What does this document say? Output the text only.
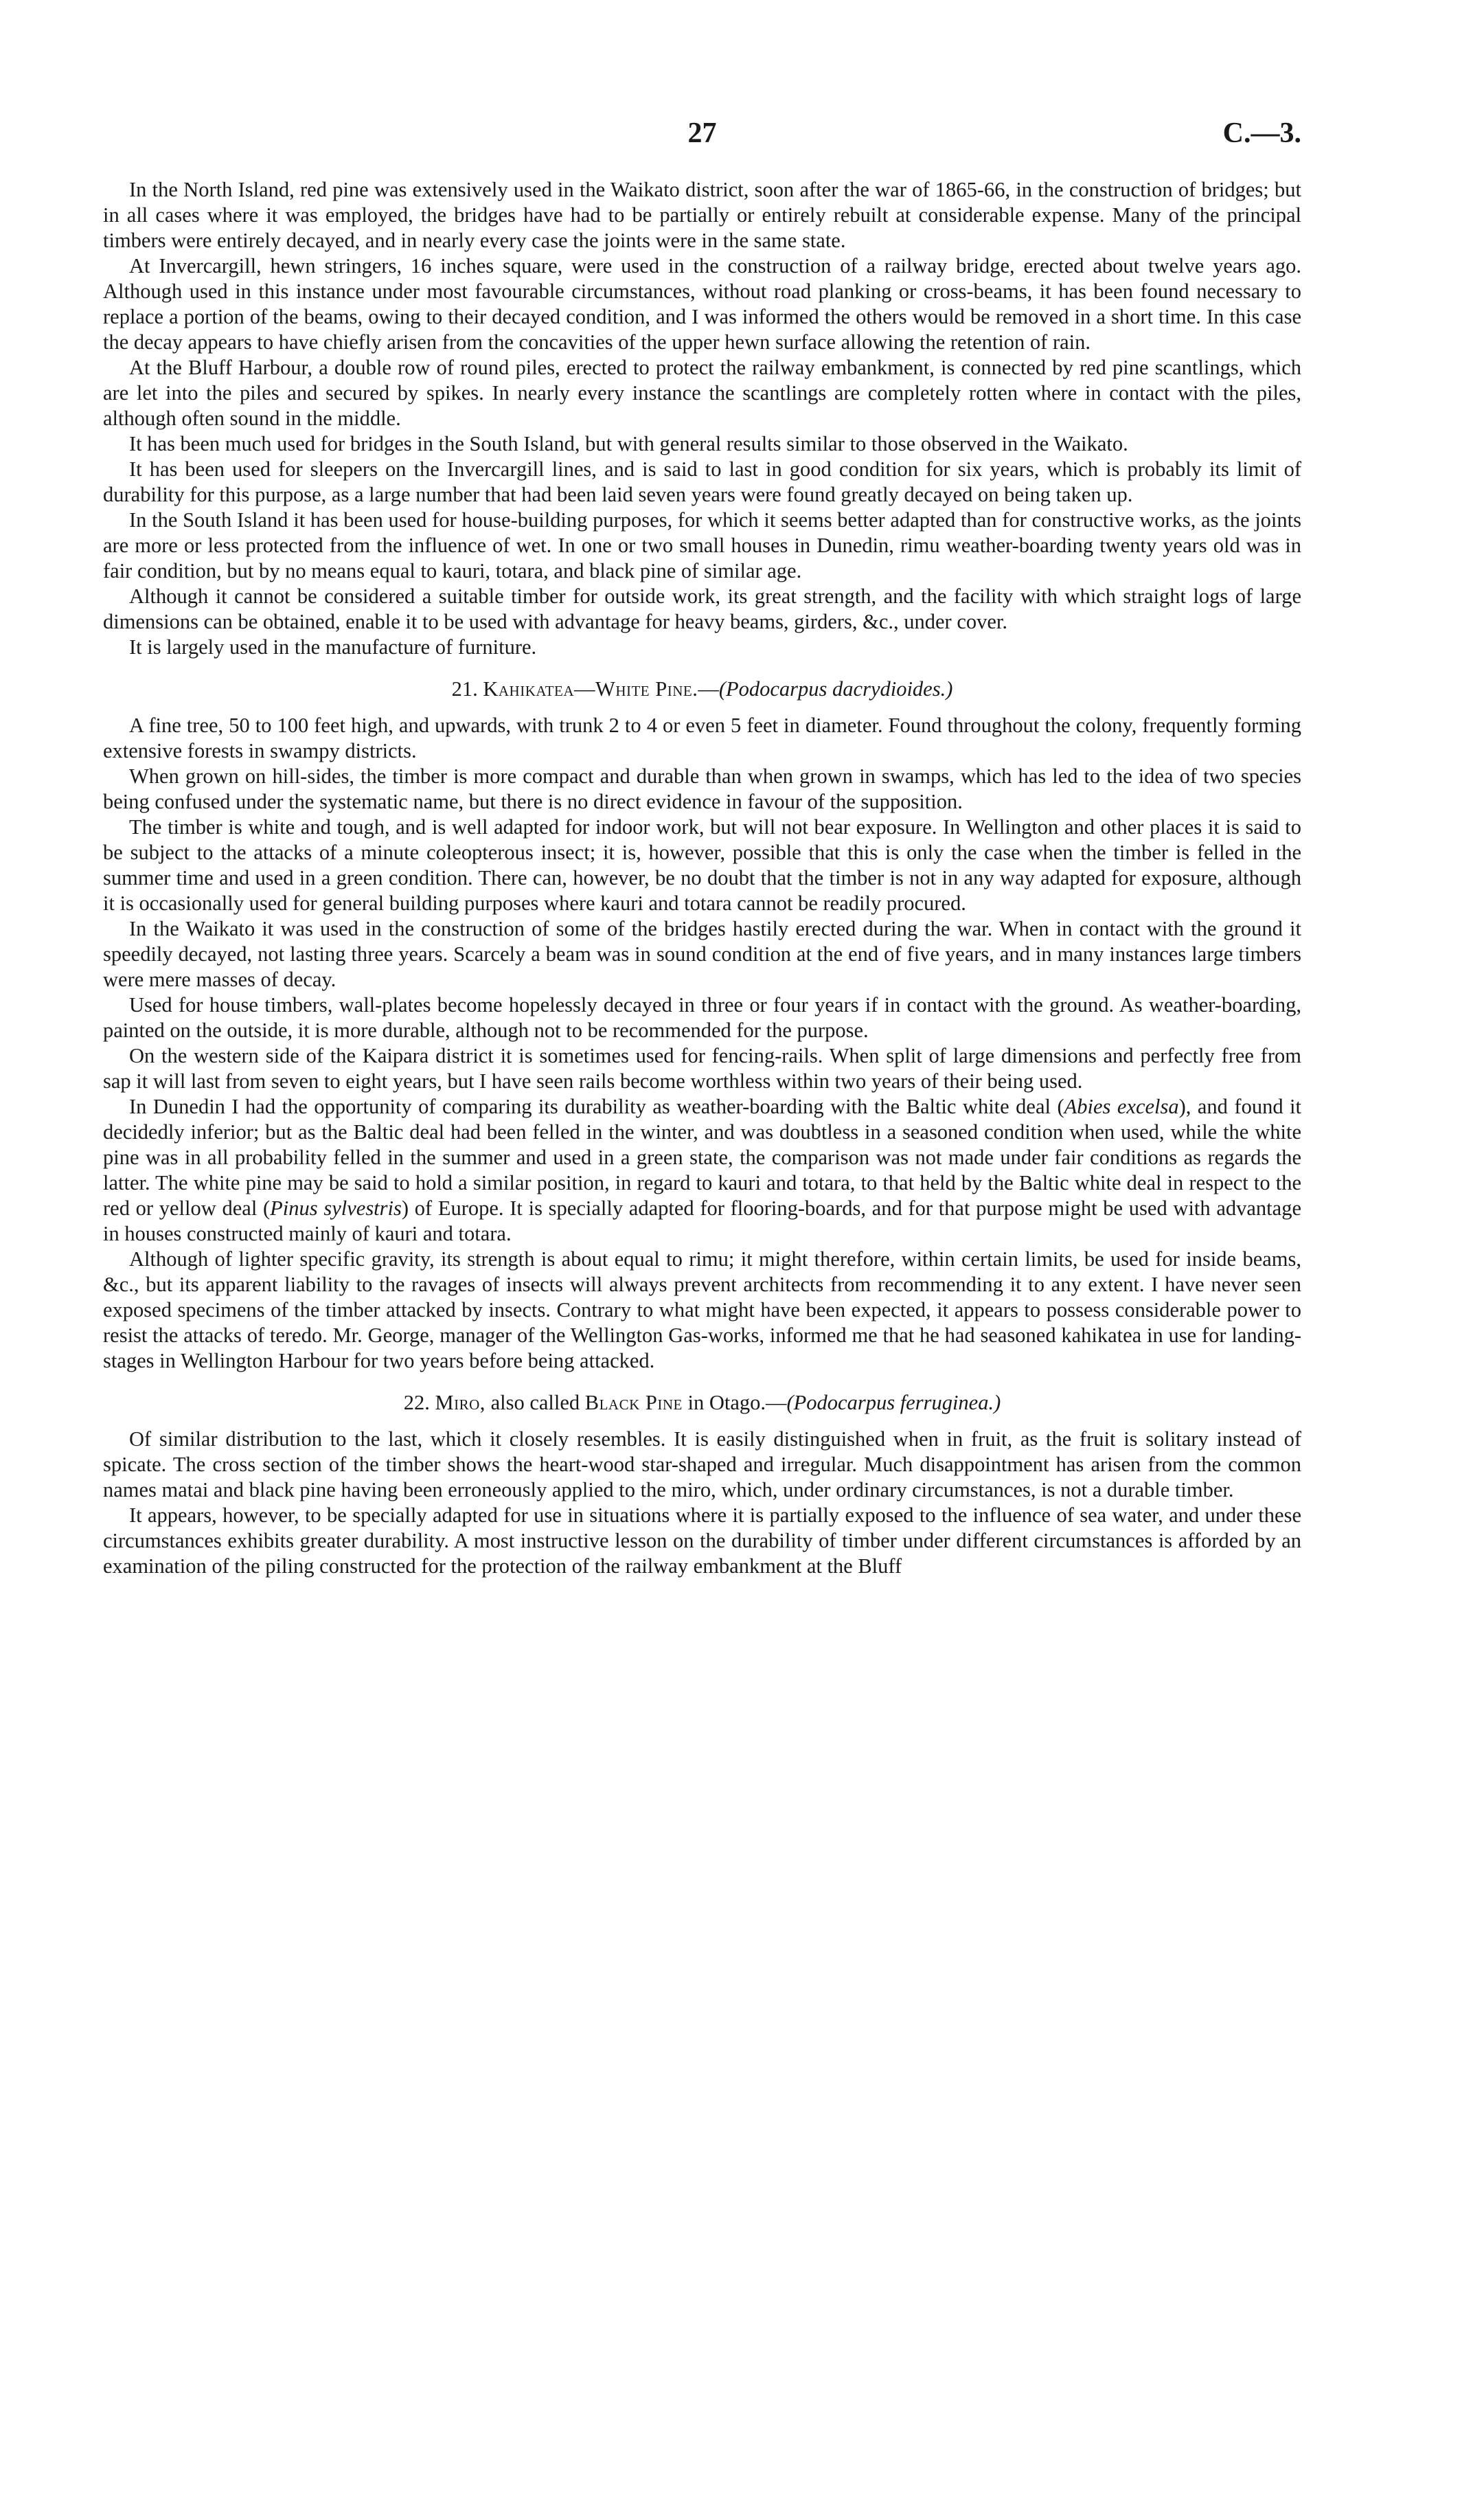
27	C.—3.

In the North Island, red pine was extensively used in the Waikato district, soon after the war of 1865-66, in the construction of bridges; but in all cases where it was employed, the bridges have had to be partially or entirely rebuilt at considerable expense. Many of the principal timbers were entirely decayed, and in nearly every case the joints were in the same state.

At Invercargill, hewn stringers, 16 inches square, were used in the construction of a railway bridge, erected about twelve years ago. Although used in this instance under most favourable circumstances, without road planking or cross-beams, it has been found necessary to replace a portion of the beams, owing to their decayed condition, and I was informed the others would be removed in a short time. In this case the decay appears to have chiefly arisen from the concavities of the upper hewn surface allowing the retention of rain.

At the Bluff Harbour, a double row of round piles, erected to protect the railway embankment, is connected by red pine scantlings, which are let into the piles and secured by spikes. In nearly every instance the scantlings are completely rotten where in contact with the piles, although often sound in the middle.

It has been much used for bridges in the South Island, but with general results similar to those observed in the Waikato.

It has been used for sleepers on the Invercargill lines, and is said to last in good condition for six years, which is probably its limit of durability for this purpose, as a large number that had been laid seven years were found greatly decayed on being taken up.

In the South Island it has been used for house-building purposes, for which it seems better adapted than for constructive works, as the joints are more or less protected from the influence of wet. In one or two small houses in Dunedin, rimu weather-boarding twenty years old was in fair condition, but by no means equal to kauri, totara, and black pine of similar age.

Although it cannot be considered a suitable timber for outside work, its great strength, and the facility with which straight logs of large dimensions can be obtained, enable it to be used with advantage for heavy beams, girders, &c., under cover.

It is largely used in the manufacture of furniture.

21. Kahikatea—White Pine.—(Podocarpus dacrydioides.)

A fine tree, 50 to 100 feet high, and upwards, with trunk 2 to 4 or even 5 feet in diameter. Found throughout the colony, frequently forming extensive forests in swampy districts.

When grown on hill-sides, the timber is more compact and durable than when grown in swamps, which has led to the idea of two species being confused under the systematic name, but there is no direct evidence in favour of the supposition.

The timber is white and tough, and is well adapted for indoor work, but will not bear exposure. In Wellington and other places it is said to be subject to the attacks of a minute coleopterous insect; it is, however, possible that this is only the case when the timber is felled in the summer time and used in a green condition. There can, however, be no doubt that the timber is not in any way adapted for exposure, although it is occasionally used for general building purposes where kauri and totara cannot be readily procured.

In the Waikato it was used in the construction of some of the bridges hastily erected during the war. When in contact with the ground it speedily decayed, not lasting three years. Scarcely a beam was in sound condition at the end of five years, and in many instances large timbers were mere masses of decay.

Used for house timbers, wall-plates become hopelessly decayed in three or four years if in contact with the ground. As weather-boarding, painted on the outside, it is more durable, although not to be recommended for the purpose.

On the western side of the Kaipara district it is sometimes used for fencing-rails. When split of large dimensions and perfectly free from sap it will last from seven to eight years, but I have seen rails become worthless within two years of their being used.

In Dunedin I had the opportunity of comparing its durability as weather-boarding with the Baltic white deal (Abies excelsa), and found it decidedly inferior; but as the Baltic deal had been felled in the winter, and was doubtless in a seasoned condition when used, while the white pine was in all probability felled in the summer and used in a green state, the comparison was not made under fair conditions as regards the latter. The white pine may be said to hold a similar position, in regard to kauri and totara, to that held by the Baltic white deal in respect to the red or yellow deal (Pinus sylvestris) of Europe. It is specially adapted for flooring-boards, and for that purpose might be used with advantage in houses constructed mainly of kauri and totara.

Although of lighter specific gravity, its strength is about equal to rimu; it might therefore, within certain limits, be used for inside beams, &c., but its apparent liability to the ravages of insects will always prevent architects from recommending it to any extent. I have never seen exposed specimens of the timber attacked by insects. Contrary to what might have been expected, it appears to possess considerable power to resist the attacks of teredo. Mr. George, manager of the Wellington Gas-works, informed me that he had seasoned kahikatea in use for landing-stages in Wellington Harbour for two years before being attacked.

22. Miro, also called Black Pine in Otago.—(Podocarpus ferruginea.)

Of similar distribution to the last, which it closely resembles. It is easily distinguished when in fruit, as the fruit is solitary instead of spicate. The cross section of the timber shows the heart-wood star-shaped and irregular. Much disappointment has arisen from the common names matai and black pine having been erroneously applied to the miro, which, under ordinary circumstances, is not a durable timber.

It appears, however, to be specially adapted for use in situations where it is partially exposed to the influence of sea water, and under these circumstances exhibits greater durability. A most instructive lesson on the durability of timber under different circumstances is afforded by an examination of the piling constructed for the protection of the railway embankment at the Bluff
